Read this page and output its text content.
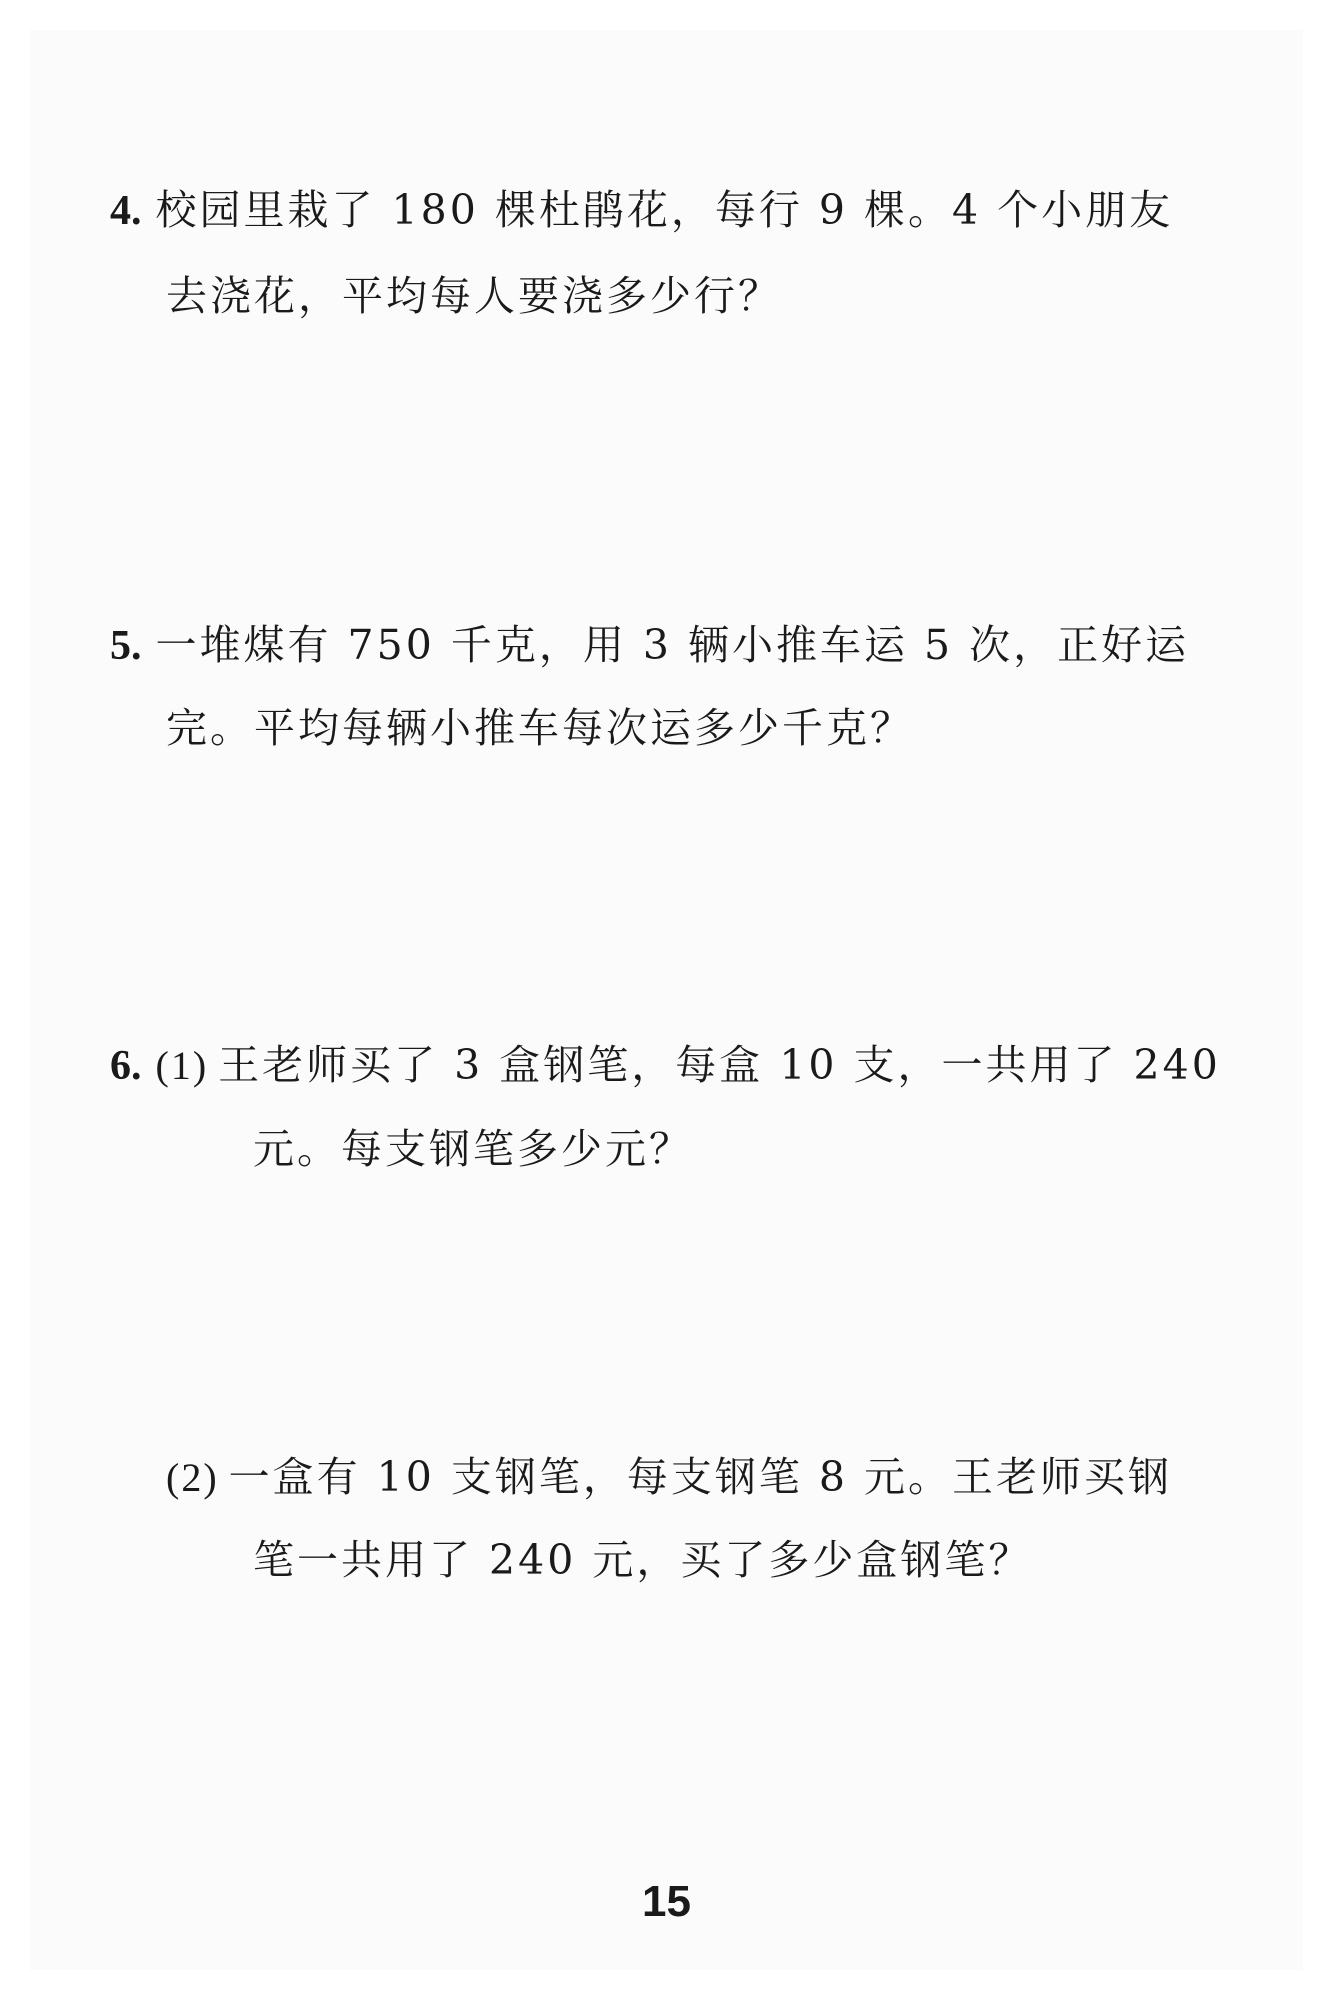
4. 校园里栽了 180 棵杜鹃花，每行 9 棵。4 个小朋友
去浇花，平均每人要浇多少行？
5. 一堆煤有 750 千克，用 3 辆小推车运 5 次，正好运
完。平均每辆小推车每次运多少千克？
6. (1) 王老师买了 3 盒钢笔，每盒 10 支，一共用了 240
元。每支钢笔多少元？
(2) 一盒有 10 支钢笔，每支钢笔 8 元。王老师买钢
笔一共用了 240 元，买了多少盒钢笔？
15
